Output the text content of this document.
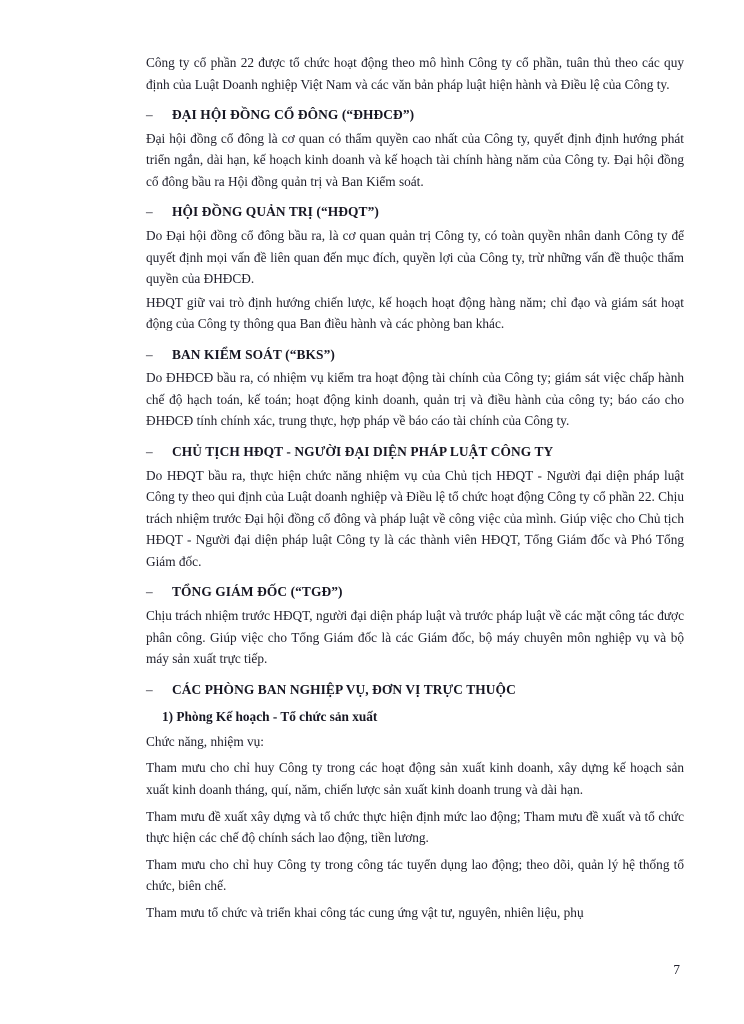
Công ty cổ phần 22 được tổ chức hoạt động theo mô hình Công ty cổ phần, tuân thủ theo các quy định của Luật Doanh nghiệp Việt Nam và các văn bản pháp luật hiện hành và Điều lệ của Công ty.

–	ĐẠI HỘI ĐỒNG CỔ ĐÔNG (“ĐHĐCĐ”)

Đại hội đồng cổ đông là cơ quan có thẩm quyền cao nhất của Công ty, quyết định định hướng phát triển ngắn, dài hạn, kế hoạch kinh doanh và kế hoạch tài chính hàng năm của Công ty. Đại hội đồng cổ đông bầu ra Hội đồng quản trị và Ban Kiểm soát.

–	HỘI ĐỒNG QUẢN TRỊ (“HĐQT”)

Do Đại hội đồng cổ đông bầu ra, là cơ quan quản trị Công ty, có toàn quyền nhân danh Công ty để quyết định mọi vấn đề liên quan đến mục đích, quyền lợi của Công ty, trừ những vấn đề thuộc thẩm quyền của ĐHĐCĐ.

HĐQT giữ vai trò định hướng chiến lược, kế hoạch hoạt động hàng năm; chỉ đạo và giám sát hoạt động của Công ty thông qua Ban điều hành và các phòng ban khác.

–	BAN KIỂM SOÁT (“BKS”)

Do ĐHĐCĐ bầu ra, có nhiệm vụ kiểm tra hoạt động tài chính của Công ty; giám sát việc chấp hành chế độ hạch toán, kế toán; hoạt động kinh doanh, quản trị và điều hành của công ty; báo cáo cho ĐHĐCĐ tính chính xác, trung thực, hợp pháp về báo cáo tài chính của Công ty.

–	CHỦ TỊCH HĐQT - NGƯỜI ĐẠI DIỆN PHÁP LUẬT CÔNG TY

Do HĐQT bầu ra, thực hiện chức năng nhiệm vụ của Chủ tịch HĐQT - Người đại diện pháp luật Công ty theo qui định của Luật doanh nghiệp và Điều lệ tổ chức hoạt động Công ty cổ phần 22. Chịu trách nhiệm trước Đại hội đồng cổ đông và pháp luật về công việc của mình. Giúp việc cho Chủ tịch HĐQT - Người đại diện pháp luật Công ty là các thành viên HĐQT, Tổng Giám đốc và Phó Tổng Giám đốc.

–	TỔNG GIÁM ĐỐC (“TGĐ”)

Chịu trách nhiệm trước HĐQT, người đại diện pháp luật và trước pháp luật về các mặt công tác được phân công. Giúp việc cho Tổng Giám đốc là các Giám đốc, bộ máy chuyên môn nghiệp vụ và bộ máy sản xuất trực tiếp.

–	CÁC PHÒNG BAN NGHIỆP VỤ, ĐƠN VỊ TRỰC THUỘC
1) Phòng Kế hoạch - Tổ chức sản xuất

Chức năng, nhiệm vụ:

Tham mưu cho chỉ huy Công ty trong các hoạt động sản xuất kinh doanh, xây dựng kế hoạch sản xuất kinh doanh tháng, quí, năm, chiến lược sản xuất kinh doanh trung và dài hạn.

Tham mưu đề xuất xây dựng và tổ chức thực hiện định mức lao động; Tham mưu đề xuất và tổ chức thực hiện các chế độ chính sách lao động, tiền lương.

Tham mưu cho chỉ huy Công ty trong công tác tuyển dụng lao động; theo dõi, quản lý hệ thống tổ chức, biên chế.

Tham mưu tổ chức và triển khai công tác cung ứng vật tư, nguyên, nhiên liệu, phụ

7
